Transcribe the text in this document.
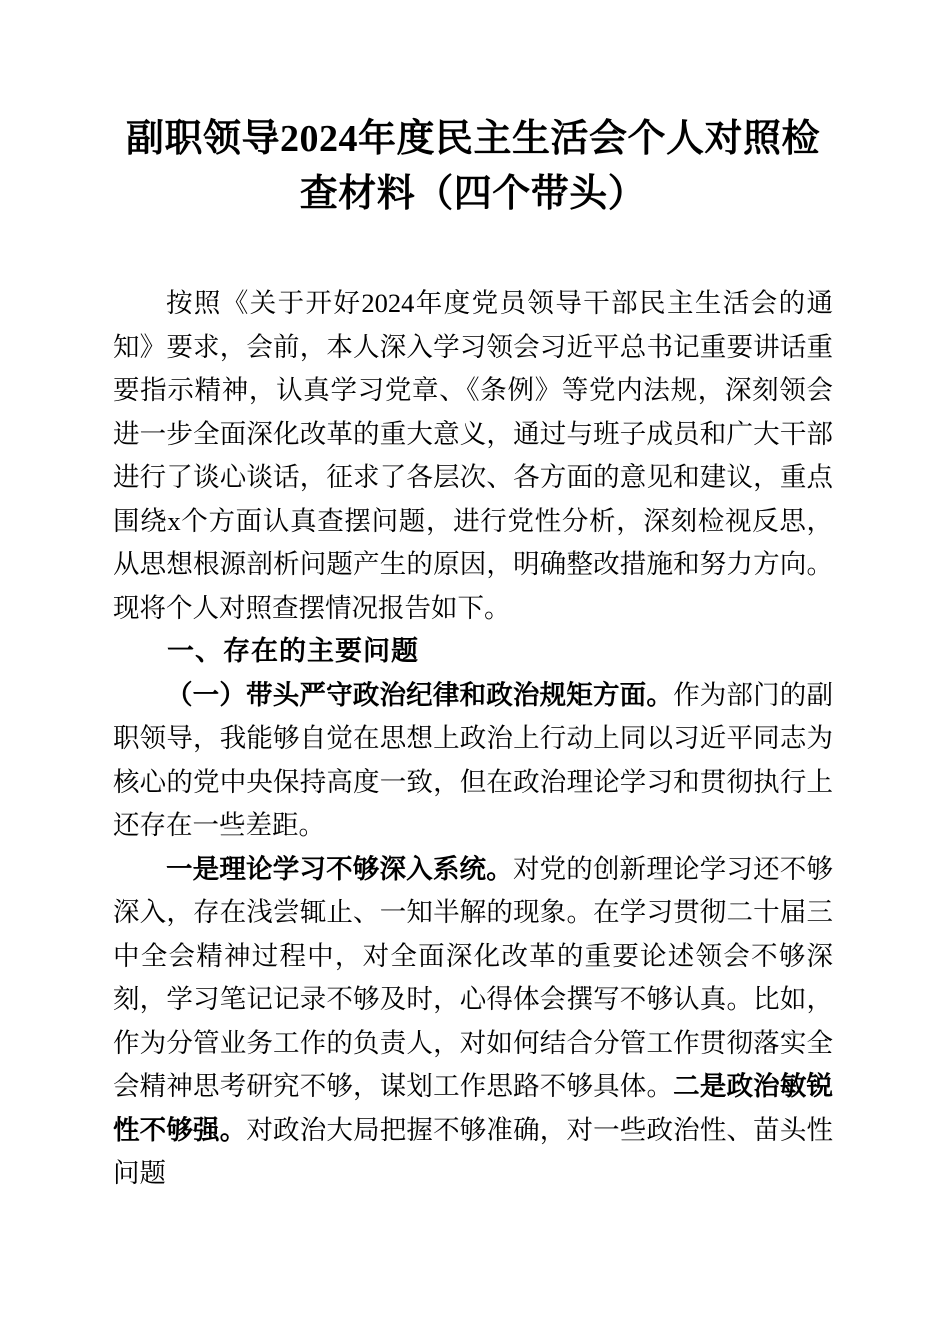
副职领导2024年度民主生活会个人对照检查材料（四个带头）

按照《关于开好2024年度党员领导干部民主生活会的通知》要求，会前，本人深入学习领会习近平总书记重要讲话重要指示精神，认真学习党章、《条例》等党内法规，深刻领会进一步全面深化改革的重大意义，通过与班子成员和广大干部进行了谈心谈话，征求了各层次、各方面的意见和建议，重点围绕x个方面认真查摆问题，进行党性分析，深刻检视反思，从思想根源剖析问题产生的原因，明确整改措施和努力方向。现将个人对照查摆情况报告如下。

一、存在的主要问题

（一）带头严守政治纪律和政治规矩方面。作为部门的副职领导，我能够自觉在思想上政治上行动上同以习近平同志为核心的党中央保持高度一致，但在政治理论学习和贯彻执行上还存在一些差距。

一是理论学习不够深入系统。对党的创新理论学习还不够深入，存在浅尝辄止、一知半解的现象。在学习贯彻二十届三中全会精神过程中，对全面深化改革的重要论述领会不够深刻，学习笔记记录不够及时，心得体会撰写不够认真。比如，作为分管业务工作的负责人，对如何结合分管工作贯彻落实全会精神思考研究不够，谋划工作思路不够具体。二是政治敏锐性不够强。对政治大局把握不够准确，对一些政治性、苗头性问题
